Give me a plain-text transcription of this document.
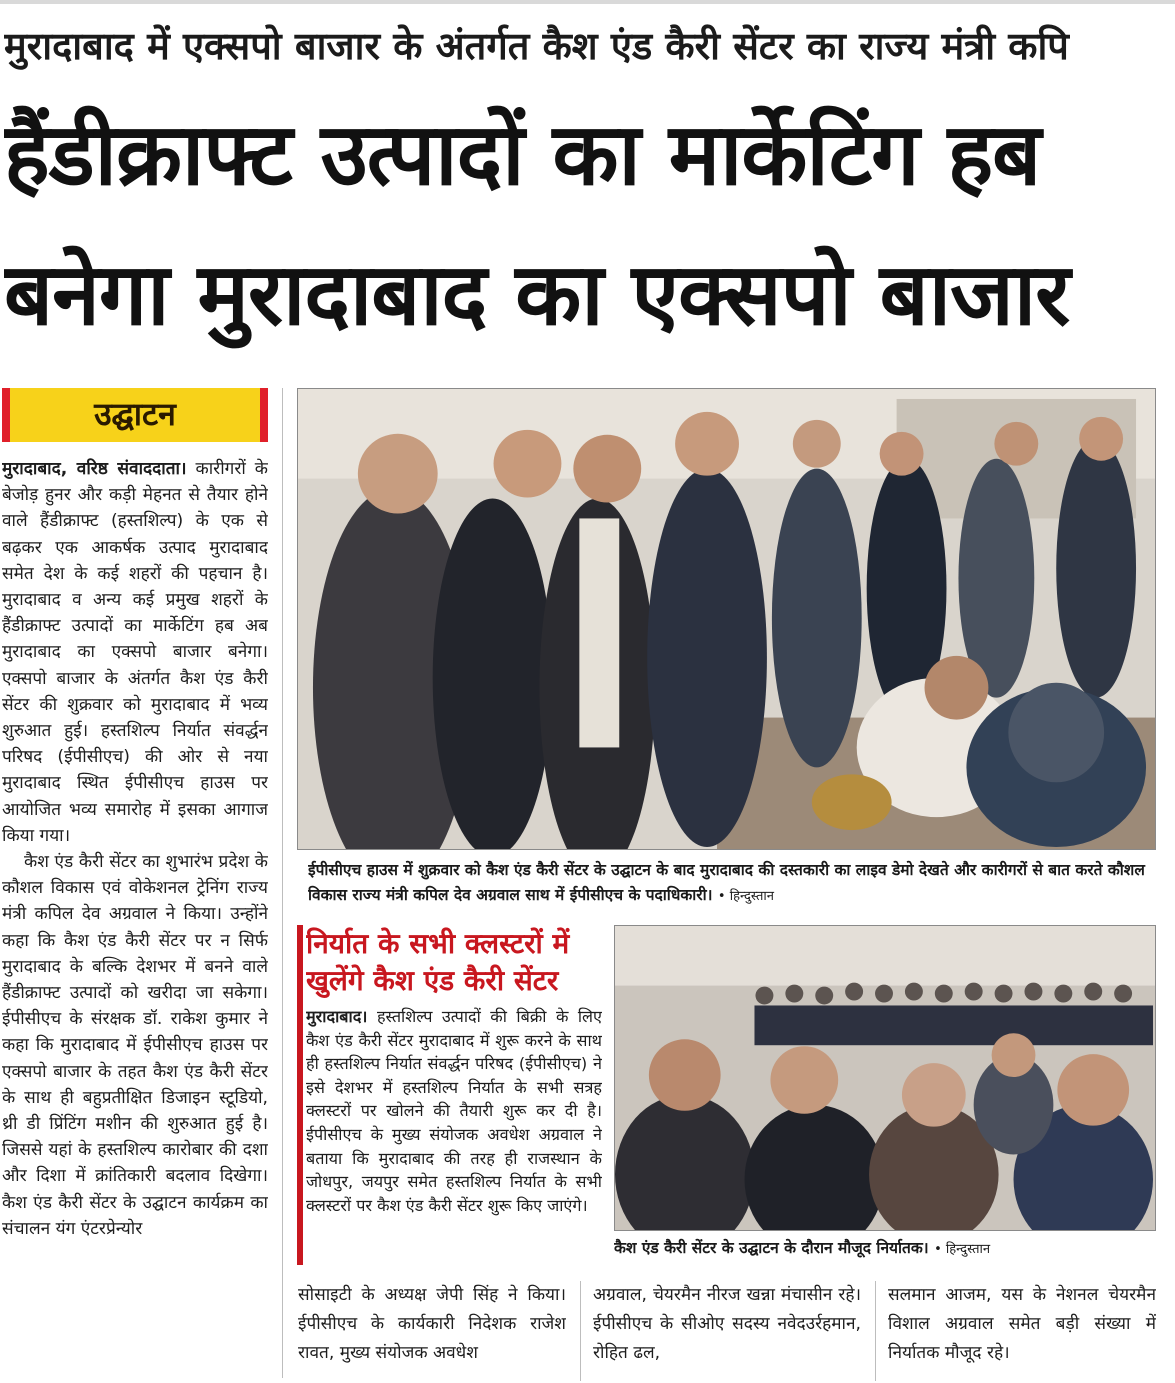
मुरादाबाद में एक्सपो बाजार के अंतर्गत कैश एंड कैरी सेंटर का राज्य मंत्री कपि
हैंडीक्राफ्ट उत्पादों का मार्केटिंग हब
बनेगा मुरादाबाद का एक्सपो बाजार
उद्घाटन

मुरादाबाद, वरिष्ठ संवाददाता। कारीगरों के बेजोड़ हुनर और कड़ी मेहनत से तैयार होने वाले हैंडीक्राफ्ट (हस्तशिल्प) के एक से बढ़कर एक आकर्षक उत्पाद मुरादाबाद समेत देश के कई शहरों की पहचान है। मुरादाबाद व अन्य कई प्रमुख शहरों के हैंडीक्राफ्ट उत्पादों का मार्केटिंग हब अब मुरादाबाद का एक्सपो बाजार बनेगा। एक्सपो बाजार के अंतर्गत कैश एंड कैरी सेंटर की शुक्रवार को मुरादाबाद में भव्य शुरुआत हुई। हस्तशिल्प निर्यात संवर्द्धन परिषद (ईपीसीएच) की ओर से नया मुरादाबाद स्थित ईपीसीएच हाउस पर आयोजित भव्य समारोह में इसका आगाज किया गया।

कैश एंड कैरी सेंटर का शुभारंभ प्रदेश के कौशल विकास एवं वोकेशनल ट्रेनिंग राज्य मंत्री कपिल देव अग्रवाल ने किया। उन्होंने कहा कि कैश एंड कैरी सेंटर पर न सिर्फ मुरादाबाद के बल्कि देशभर में बनने वाले हैंडीक्राफ्ट उत्पादों को खरीदा जा सकेगा। ईपीसीएच के संरक्षक डॉ. राकेश कुमार ने कहा कि मुरादाबाद में ईपीसीएच हाउस पर एक्सपो बाजार के तहत कैश एंड कैरी सेंटर के साथ ही बहुप्रतीक्षित डिजाइन स्टूडियो, थ्री डी प्रिंटिंग मशीन की शुरुआत हुई है। जिससे यहां के हस्तशिल्प कारोबार की दशा और दिशा में क्रांतिकारी बदलाव दिखेगा। कैश एंड कैरी सेंटर के उद्घाटन कार्यक्रम का संचालन यंग एंटरप्रेन्योर

ईपीसीएच हाउस में शुक्रवार को कैश एंड कैरी सेंटर के उद्घाटन के बाद मुरादाबाद की दस्तकारी का लाइव डेमो देखते और कारीगरों से बात करते कौशल विकास राज्य मंत्री कपिल देव अग्रवाल साथ में ईपीसीएच के पदाधिकारी। • हिन्दुस्तान
निर्यात के सभी क्लस्टरों में खुलेंगे कैश एंड कैरी सेंटर

मुरादाबाद। हस्तशिल्प उत्पादों की बिक्री के लिए कैश एंड कैरी सेंटर मुरादाबाद में शुरू करने के साथ ही हस्तशिल्प निर्यात संवर्द्धन परिषद (ईपीसीएच) ने इसे देशभर में हस्तशिल्प निर्यात के सभी सत्रह क्लस्टरों पर खोलने की तैयारी शुरू कर दी है। ईपीसीएच के मुख्य संयोजक अवधेश अग्रवाल ने बताया कि मुरादाबाद की तरह ही राजस्थान के जोधपुर, जयपुर समेत हस्तशिल्प निर्यात के सभी क्लस्टरों पर कैश एंड कैरी सेंटर शुरू किए जाएंगे।

कैश एंड कैरी सेंटर के उद्घाटन के दौरान मौजूद निर्यातक। • हिन्दुस्तान
सोसाइटी के अध्यक्ष जेपी सिंह ने किया। ईपीसीएच के कार्यकारी निदेशक राजेश रावत, मुख्य संयोजक अवधेश
अग्रवाल, चेयरमैन नीरज खन्ना मंचासीन रहे। ईपीसीएच के सीओए सदस्य नवेदउर्रहमान, रोहित ढल,
सलमान आजम, यस के नेशनल चेयरमैन विशाल अग्रवाल समेत बड़ी संख्या में निर्यातक मौजूद रहे।
